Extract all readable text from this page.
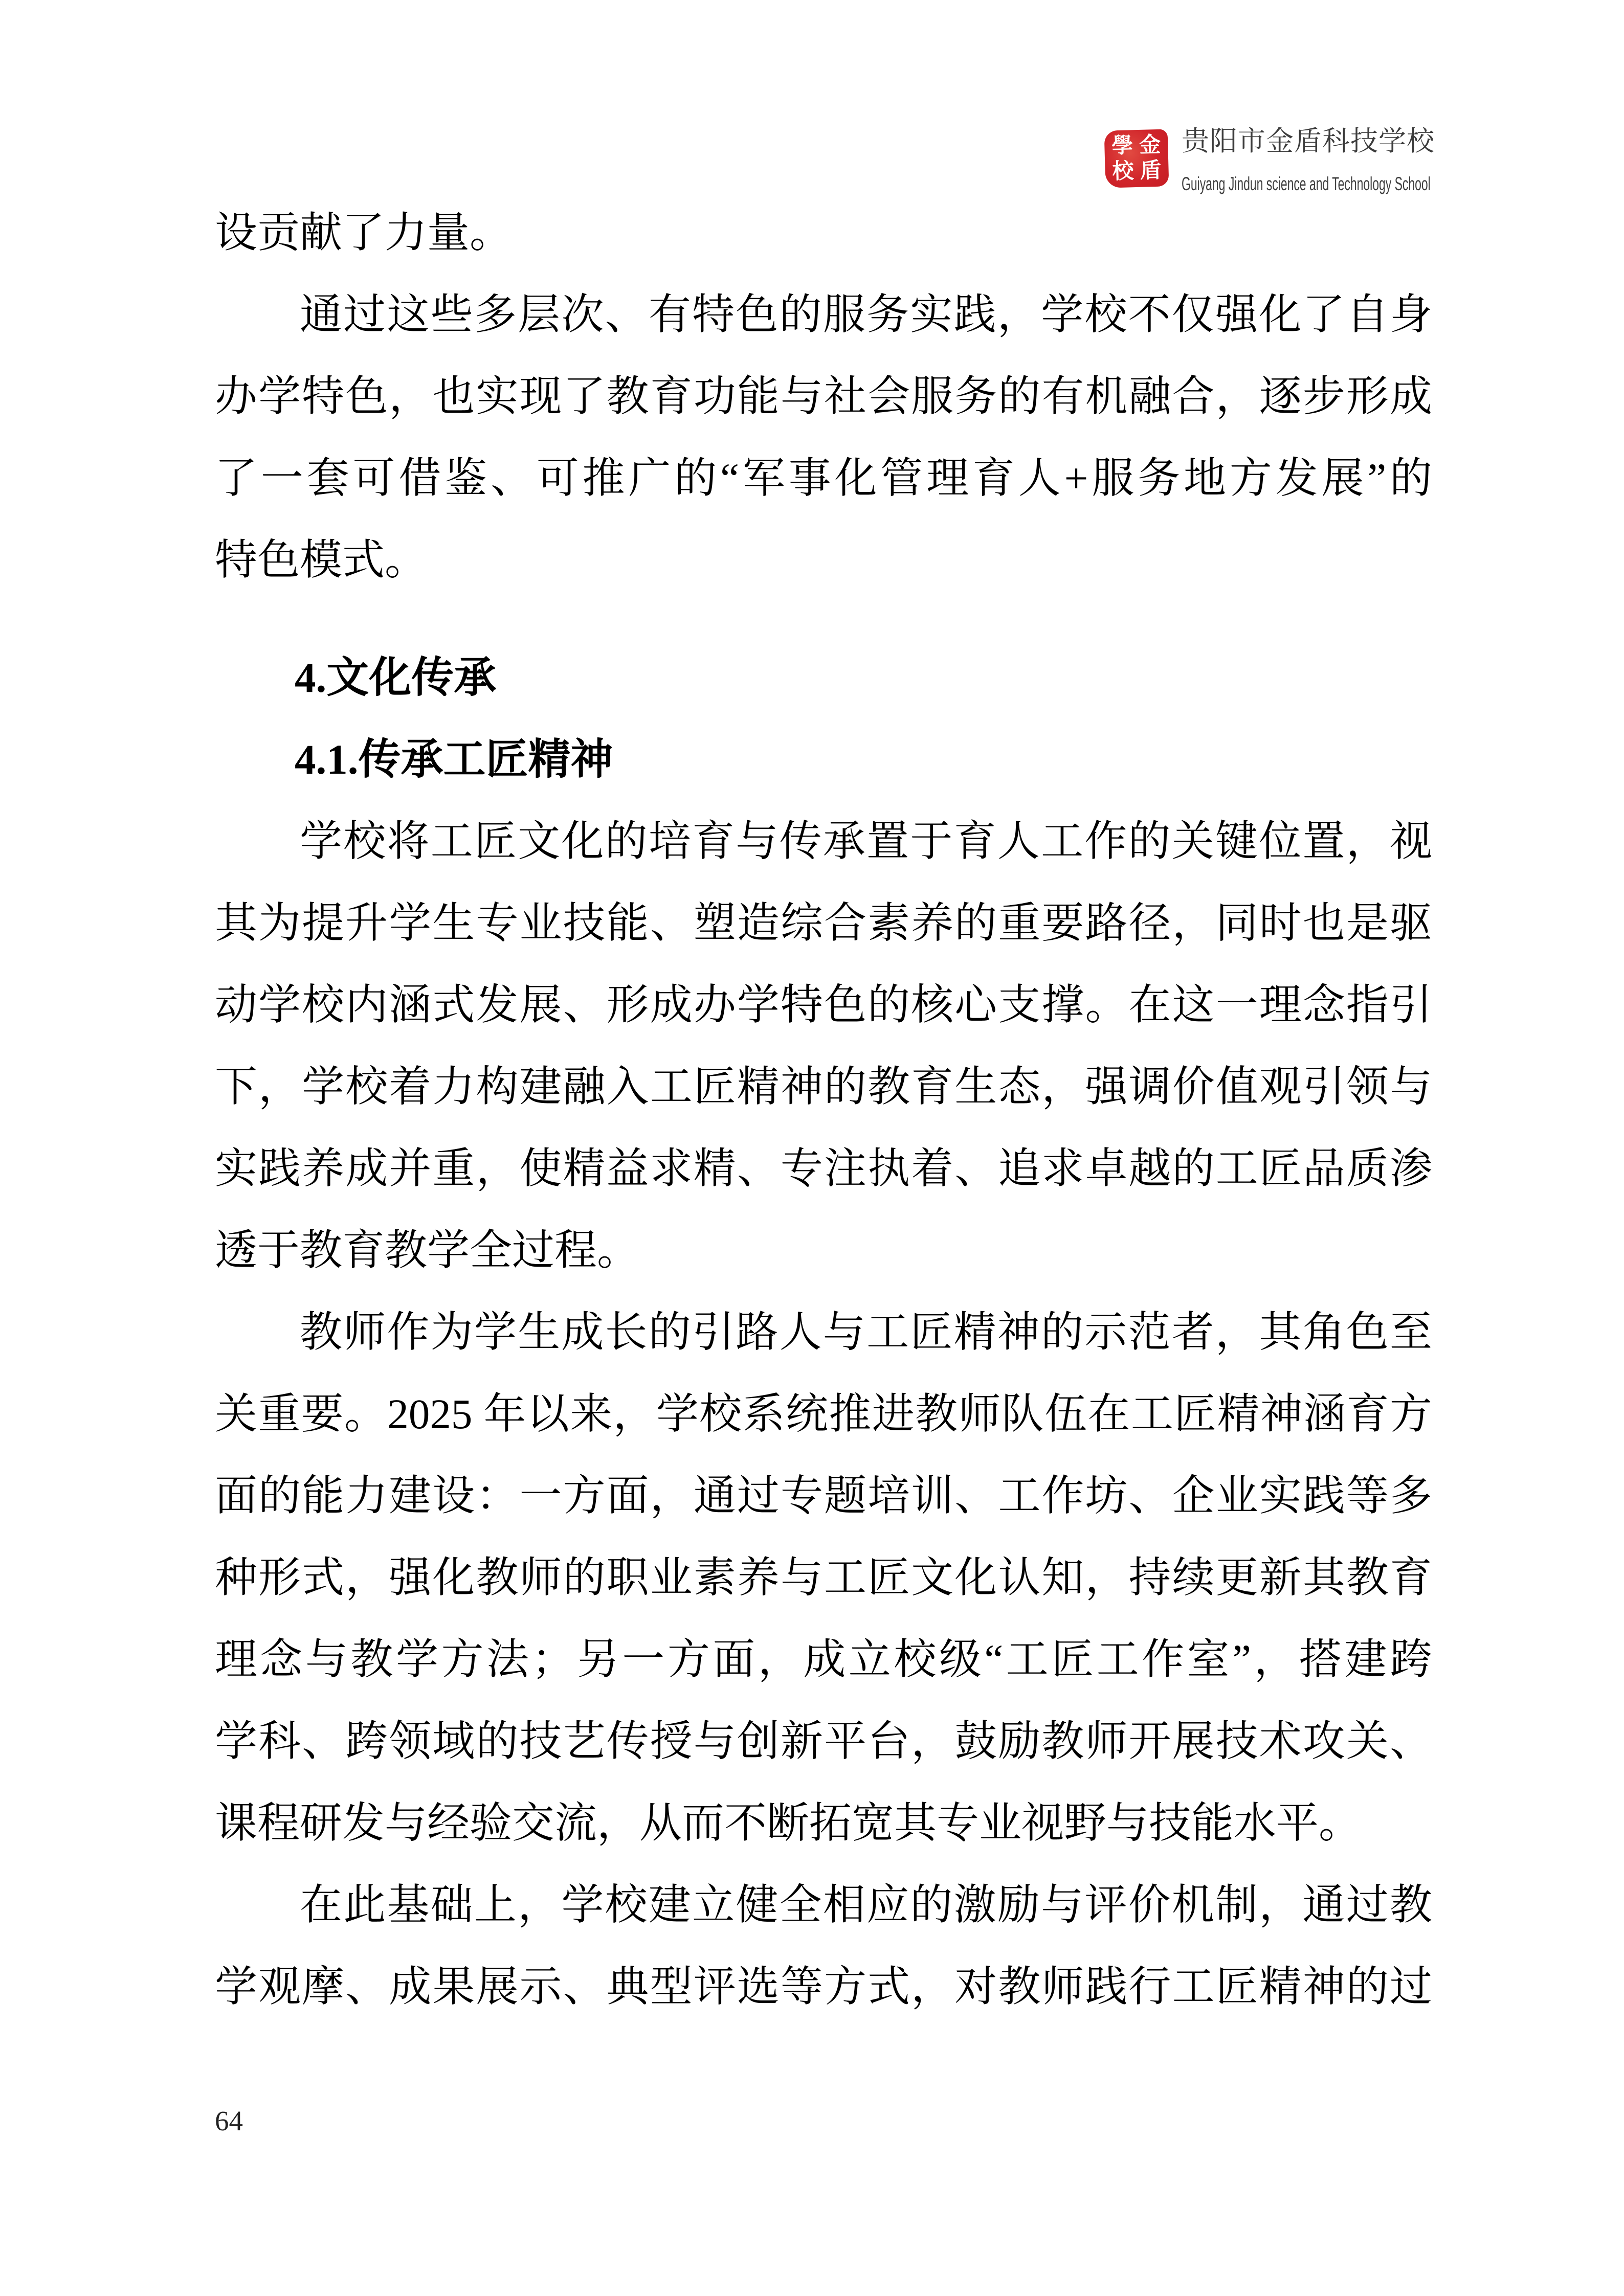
學 金
校 盾
贵阳市金盾科技学校
Guiyang Jindun science and Technology School
设贡献了力量。
通过这些多层次、有特色的服务实践，学校不仅强化了自身
办学特色，也实现了教育功能与社会服务的有机融合，逐步形成
了一套可借鉴、可推广的“军事化管理育人+服务地方发展”的
特色模式。
4.文化传承
4.1.传承工匠精神
学校将工匠文化的培育与传承置于育人工作的关键位置，视
其为提升学生专业技能、塑造综合素养的重要路径，同时也是驱
动学校内涵式发展、形成办学特色的核心支撑。在这一理念指引
下，学校着力构建融入工匠精神的教育生态，强调价值观引领与
实践养成并重，使精益求精、专注执着、追求卓越的工匠品质渗
透于教育教学全过程。
教师作为学生成长的引路人与工匠精神的示范者，其角色至
关重要。2025 年以来，学校系统推进教师队伍在工匠精神涵育方
面的能力建设：一方面，通过专题培训、工作坊、企业实践等多
种形式，强化教师的职业素养与工匠文化认知，持续更新其教育
理念与教学方法；另一方面，成立校级“工匠工作室”，搭建跨
学科、跨领域的技艺传授与创新平台，鼓励教师开展技术攻关、
课程研发与经验交流，从而不断拓宽其专业视野与技能水平。
在此基础上，学校建立健全相应的激励与评价机制，通过教
学观摩、成果展示、典型评选等方式，对教师践行工匠精神的过
64
